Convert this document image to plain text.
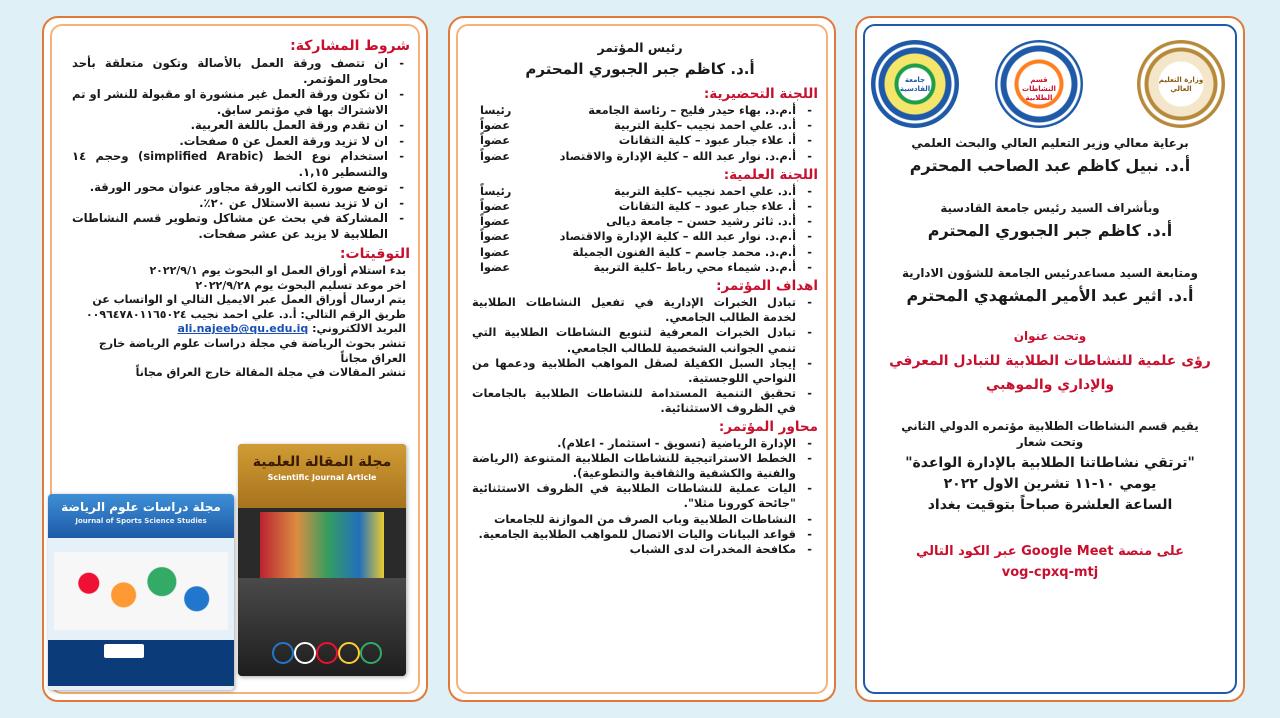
شروط المشاركة:

- ان تتصف ورقة العمل بالأصالة وتكون متعلقة بأحد محاور المؤتمر.
- ان تكون ورقة العمل غير منشورة او مقبولة للنشر او تم الاشتراك بها في مؤتمر سابق.
- ان تقدم ورقة العمل باللغة العربية.
- ان لا تزيد ورقة العمل عن ٥ صفحات.
- استخدام نوع الخط (simplified Arabic) وحجم ١٤ والتسطير ١,١٥.
- توضع صورة لكاتب الورقة مجاور عنوان محور الورقة.
- ان لا تزيد نسبة الاستلال عن ٢٠٪.
- المشاركة في بحث عن مشاكل وتطوير قسم النشاطات الطلابية لا يزيد عن عشر صفحات.

التوقيتات:

بدء استلام أوراق العمل او البحوث يوم ٢٠٢٢/٩/١
اخر موعد تسليم البحوث يوم ٢٠٢٢/٩/٢٨
يتم ارسال أوراق العمل عبر الايميل التالي او الواتساب عن طريق الرقم التالي: أ.د. علي احمد نجيب ٠٠٩٦٤٧٨٠١١٦٥٠٢٤
البريد الالكتروني: ali.najeeb@qu.edu.iq
تنشر بحوث الرياضة في مجلة دراسات علوم الرياضة خارج العراق مجاناً
تنشر المقالات في مجلة المقالة خارج العراق مجاناً
مجلة المقالة العلمية
Scientific Journal Article
مجلة دراسات علوم الرياضة
Journal of Sports Science Studies
رئيس المؤتمر
أ.د. كاظم جبر الجبوري المحترم

اللجنة التحضيرية:

- أ.م.د. بهاء حيدر فليح – رئاسة الجامعة
رئيسا
- أ.د. علي احمد نجيب –كلية التربية
عضواً
- أ. علاء جبار عبود – كلية التقانات
عضواً
- أ.م.د. نوار عبد الله – كلية الإدارة والاقتصاد
عضواً

اللجنة العلمية:

- أ.د. علي احمد نجيب –كلية التربية
رئيساً
- أ. علاء جبار عبود – كلية التقانات
عضواً
- أ.د. ثائر رشيد حسن – جامعة ديالى
عضواً
- أ.م.د. نوار عبد الله – كلية الإدارة والاقتصاد
عضواً
- أ.م.د. محمد جاسم – كلية الفنون الجميلة
عضوا
- أ.م.د. شيماء محي رباط –كلية التربية
عضوا

اهداف المؤتمر:

- تبادل الخبرات الإدارية في تفعيل النشاطات الطلابية لخدمة الطالب الجامعي.
- تبادل الخبرات المعرفية لتنويع النشاطات الطلابية التي تنمي الجوانب الشخصية للطالب الجامعي.
- إيجاد السبل الكفيلة لصقل المواهب الطلابية ودعمها من النواحي اللوجستية.
- تحقيق التنمية المستدامة للنشاطات الطلابية بالجامعات في الظروف الاستثنائية.

محاور المؤتمر:

- الإدارة الرياضية (تسويق - استثمار - اعلام).
- الخطط الاستراتيجية للنشاطات الطلابية المتنوعة (الرياضة والفنية والكشفية والثقافية والتطوعية).
- اليات عملية للنشاطات الطلابية في الظروف الاستثنائية "جائحة كورونا مثلا".
- النشاطات الطلابية وباب الصرف من الموازنة للجامعات
- قواعد البيانات واليات الاتصال للمواهب الطلابية الجامعية.
- مكافحة المخدرات لدى الشباب
وزارة التعليم العالي
قسم النشاطات الطلابية
جامعة القادسية
برعاية معالي وزير التعليم العالي والبحث العلمي
أ.د. نبيل كاظم عبد الصاحب المحترم
وبأشراف السيد رئيس جامعة القادسية
أ.د. كاظم جبر الجبوري المحترم
ومتابعة السيد مساعدرئيس الجامعة للشؤون الادارية
أ.د. اثير عبد الأمير المشهدي المحترم
وتحت عنوان
رؤى علمية للنشاطات الطلابية للتبادل المعرفي
والإداري والموهبي
يقيم قسم النشاطات الطلابية مؤتمره الدولي الثاني
وتحت شعار
"ترتقي نشاطاتنا الطلابية بالإدارة الواعدة"
يومي ١٠-١١ تشرين الاول ٢٠٢٢
الساعة العلشرة صباحاً بتوقيت بغداد
على منصة Google Meet عبر الكود التالي
vog-cpxq-mtj
